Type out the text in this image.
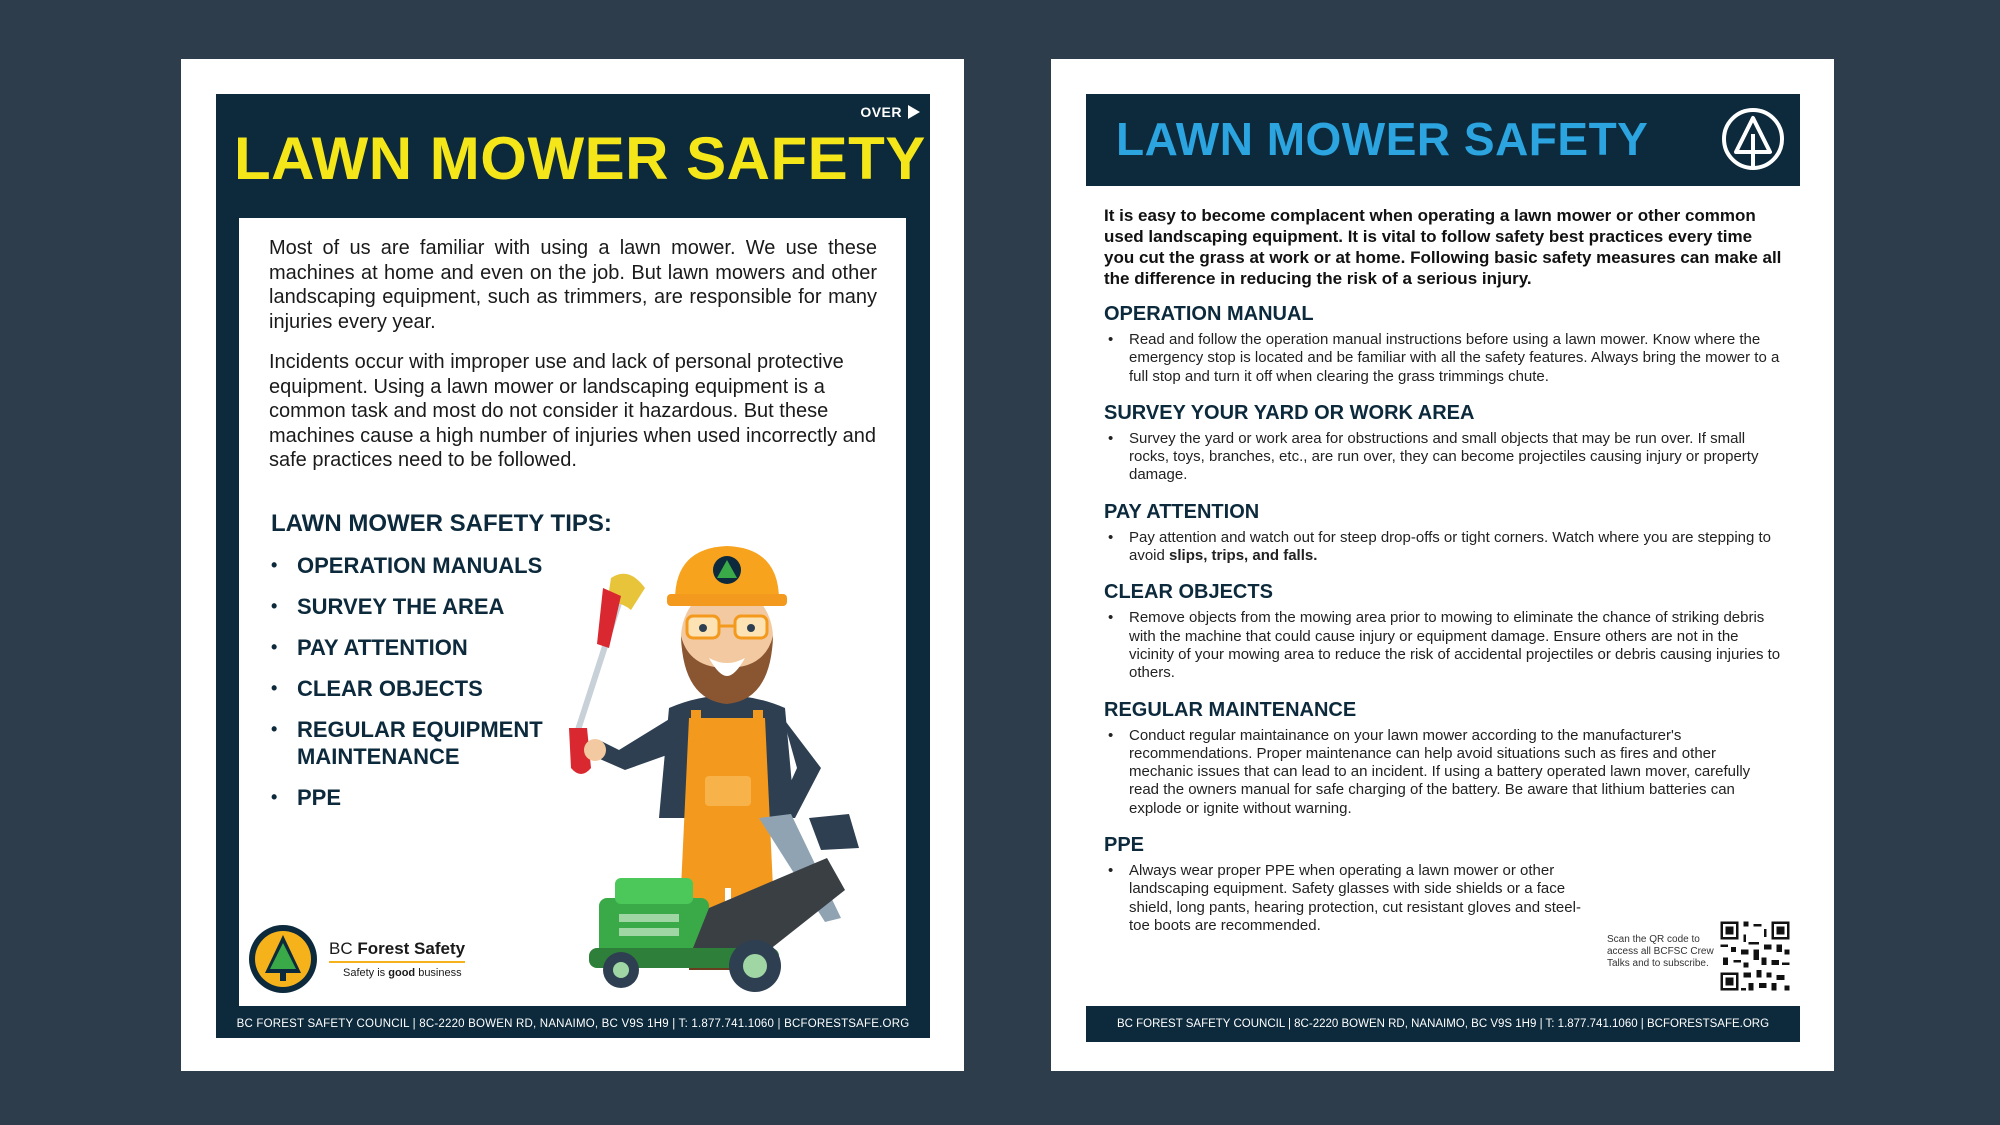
OVER
LAWN MOWER SAFETY

Most of us are familiar with using a lawn mower. We use these machines at home and even on the job. But lawn mowers and other landscaping equipment, such as trimmers, are responsible for many injuries every year.

Incidents occur with improper use and lack of personal protective equipment. Using a lawn mower or landscaping equipment is a common task and most do not consider it hazardous. But these machines cause a high number of injuries when used incorrectly and safe practices need to be followed.

LAWN MOWER SAFETY TIPS:
• OPERATION MANUALS
• SURVEY THE AREA
• PAY ATTENTION
• CLEAR OBJECTS
• REGULAR EQUIPMENT MAINTENANCE
• PPE
BC Forest Safety
Safety is good business
BC FOREST SAFETY COUNCIL | 8C-2220 BOWEN RD, NANAIMO, BC V9S 1H9 | T: 1.877.741.1060 | BCFORESTSAFE.ORG
LAWN MOWER SAFETY
It is easy to become complacent when operating a lawn mower or other common used landscaping equipment. It is vital to follow safety best practices every time you cut the grass at work or at home. Following basic safety measures can make all the difference in reducing the risk of a serious injury.
OPERATION MANUAL
• Read and follow the operation manual instructions before using a lawn mower. Know where the emergency stop is located and be familiar with all the safety features. Always bring the mower to a full stop and turn it off when clearing the grass trimmings chute.
SURVEY YOUR YARD OR WORK AREA
• Survey the yard or work area for obstructions and small objects that may be run over. If small rocks, toys, branches, etc., are run over, they can become projectiles causing injury or property damage.
PAY ATTENTION
• Pay attention and watch out for steep drop-offs or tight corners. Watch where you are stepping to avoid slips, trips, and falls.
CLEAR OBJECTS
• Remove objects from the mowing area prior to mowing to eliminate the chance of striking debris with the machine that could cause injury or equipment damage. Ensure others are not in the vicinity of your mowing area to reduce the risk of accidental projectiles or debris causing injuries to others.
REGULAR MAINTENANCE
• Conduct regular maintainance on your lawn mower according to the manufacturer's recommendations. Proper maintenance can help avoid situations such as fires and other mechanic issues that can lead to an incident. If using a battery operated lawn mover, carefully read the owners manual for safe charging of the battery. Be aware that lithium batteries can explode or ignite without warning.
PPE
• Always wear proper PPE when operating a lawn mower or other landscaping equipment. Safety glasses with side shields or a face shield, long pants, hearing protection, cut resistant gloves and steel-toe boots are recommended.
Scan the QR code to access all BCFSC Crew Talks and to subscribe.
BC FOREST SAFETY COUNCIL | 8C-2220 BOWEN RD, NANAIMO, BC V9S 1H9 | T: 1.877.741.1060 | BCFORESTSAFE.ORG
